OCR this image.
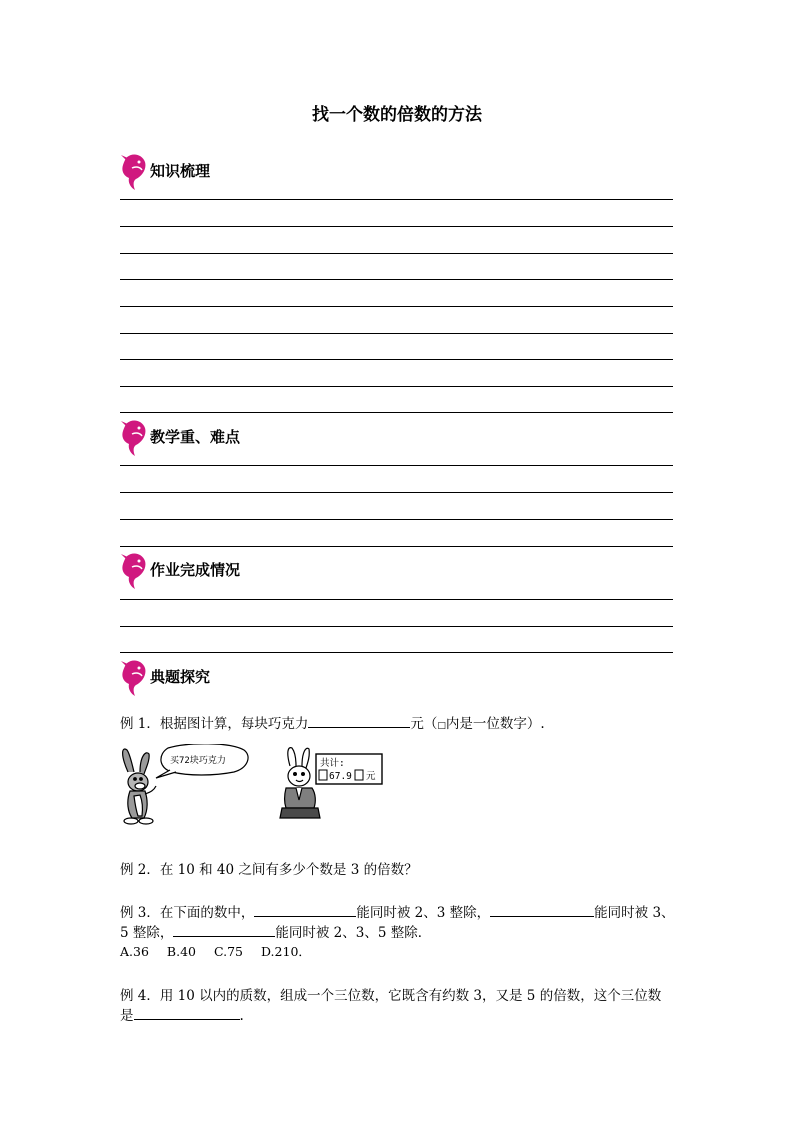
找一个数的倍数的方法
知识梳理
教学重、难点
作业完成情况
典题探究
例 1．根据图计算，每块巧克力	元（□内是一位数字）.
买72块巧克力	共计:
67.9 元
例 2．在 10 和 40 之间有多少个数是 3 的倍数？
例 3．在下面的数中，	能同时被 2、3 整除，	能同时被 3、
5 整除，	能同时被 2、3、5 整除．
A.36 B.40 C.75 D.210．
例 4．用 10 以内的质数，组成一个三位数，它既含有约数 3，又是 5 的倍数，这个三位数
是	.
